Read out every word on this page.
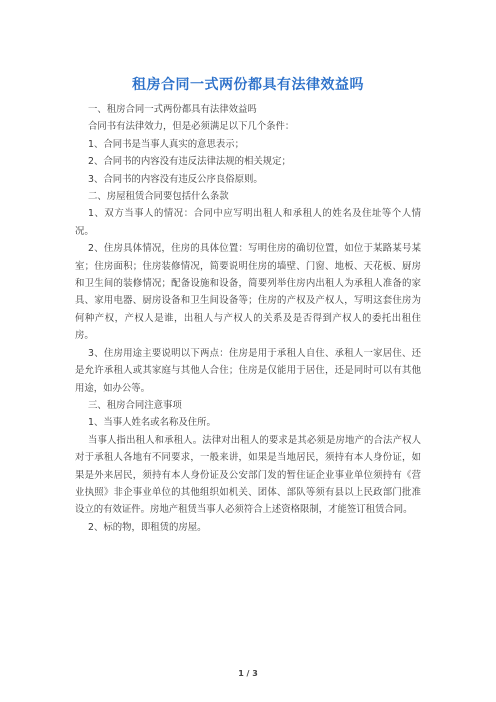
租房合同一式两份都具有法律效益吗

一、租房合同一式两份都具有法律效益吗

合同书有法律效力，但是必须满足以下几个条件：

1、合同书是当事人真实的意思表示；

2、合同书的内容没有违反法律法规的相关规定；

3、合同书的内容没有违反公序良俗原则。

二、房屋租赁合同要包括什么条款

1、双方当事人的情况：合同中应写明出租人和承租人的姓名及住址等个人情况。

2、住房具体情况，住房的具体位置：写明住房的确切位置，如位于某路某号某室；住房面积；住房装修情况，简要说明住房的墙壁、门窗、地板、天花板、厨房和卫生间的装修情况；配备设施和设备，简要列举住房内出租人为承租人准备的家具、家用电器、厨房设备和卫生间设备等；住房的产权及产权人，写明这套住房为何种产权，产权人是谁，出租人与产权人的关系及是否得到产权人的委托出租住房。

3、住房用途主要说明以下两点：住房是用于承租人自住、承租人一家居住、还是允许承租人或其家庭与其他人合住；住房是仅能用于居住，还是同时可以有其他用途，如办公等。

三、租房合同注意事项

1、当事人姓名或名称及住所。

当事人指出租人和承租人。法律对出租人的要求是其必须是房地产的合法产权人对于承租人各地有不同要求，一般来讲，如果是当地居民，须持有本人身份证，如果是外来居民，须持有本人身份证及公安部门发的暂住证企业事业单位须持有《营业执照》非企事业单位的其他组织如机关、团体、部队等须有县以上民政部门批准设立的有效证件。房地产租赁当事人必须符合上述资格限制，才能签订租赁合同。

2、标的物，即租赁的房屋。

1 / 3
